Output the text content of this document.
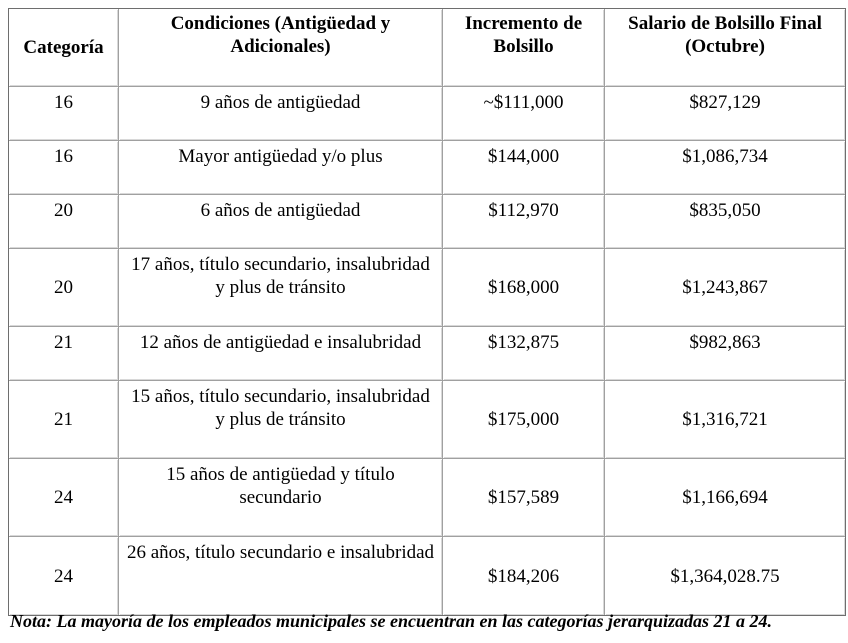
Categoría	Condiciones (Antigüedad y Adicionales)	Incremento de Bolsillo	Salario de Bolsillo Final (Octubre)
16	9 años de antigüedad	~$111,000	$827,129
16	Mayor antigüedad y/o plus	$144,000	$1,086,734
20	6 años de antigüedad	$112,970	$835,050
20	17 años, título secundario, insalubridad y plus de tránsito	$168,000	$1,243,867
21	12 años de antigüedad e insalubridad	$132,875	$982,863
21	15 años, título secundario, insalubridad y plus de tránsito	$175,000	$1,316,721
24	15 años de antigüedad y título secundario	$157,589	$1,166,694
24	26 años, título secundario e insalubridad	$184,206	$1,364,028.75
Nota: La mayoría de los empleados municipales se encuentran en las categorías jerarquizadas 21 a 24.
